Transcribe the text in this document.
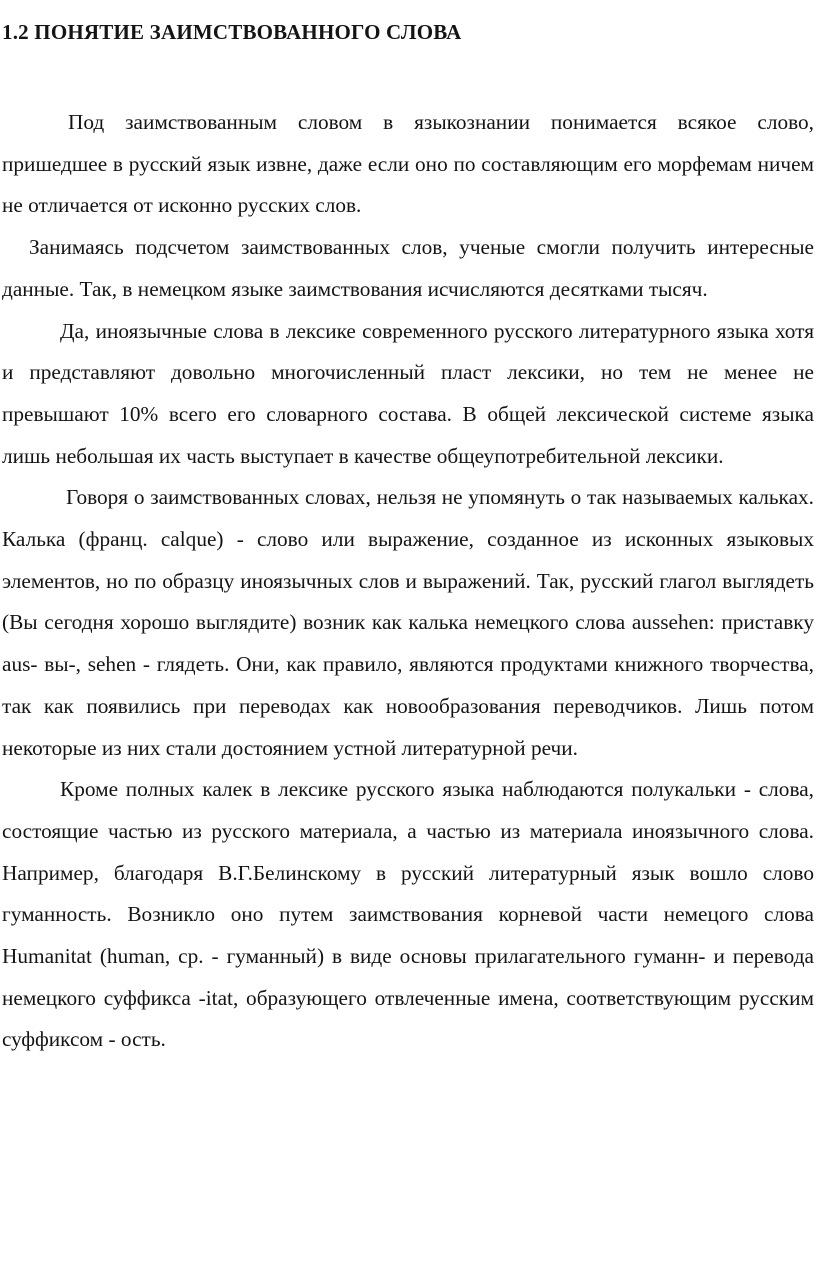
1.2 ПОНЯТИЕ ЗАИМСТВОВАННОГО СЛОВА

Под заимствованным словом в языкознании понимается всякое слово, пришедшее в русский язык извне, даже если оно по составляющим его морфемам ничем не отличается от исконно русских слов.

Занимаясь подсчетом заимствованных слов, ученые смогли получить интересные данные. Так, в немецком языке заимствования исчисляются десятками тысяч.

Да, иноязычные слова в лексике современного русского литературного языка хотя и представляют довольно многочисленный пласт лексики, но тем не менее не превышают 10% всего его словарного состава. В общей лексической системе языка лишь небольшая их часть выступает в качестве общеупотребительной лексики.

Говоря о заимствованных словах, нельзя не упомянуть о так называемых кальках. Калька (франц. calque) - слово или выражение, созданное из исконных языковых элементов, но по образцу иноязычных слов и выражений. Так, русский глагол выглядеть (Вы сегодня хорошо выглядите) возник как калька немецкого слова aussehen: приставку aus- вы-, sehen - глядеть. Они, как правило, являются продуктами книжного творчества, так как появились при переводах как новообразования переводчиков. Лишь потом некоторые из них стали достоянием устной литературной речи.

Кроме полных калек в лексике русского языка наблюдаются полукальки - слова, состоящие частью из русского материала, а частью из материала иноязычного слова. Например, благодаря В.Г.Белинскому в русский литературный язык вошло слово гуманность. Возникло оно путем заимствования корневой части немецого слова Humanitat (human, ср. - гуманный) в виде основы прилагательного гуманн- и перевода немецкого суффикса -itat, образующего отвлеченные имена, соответствующим русским суффиксом - ость.
